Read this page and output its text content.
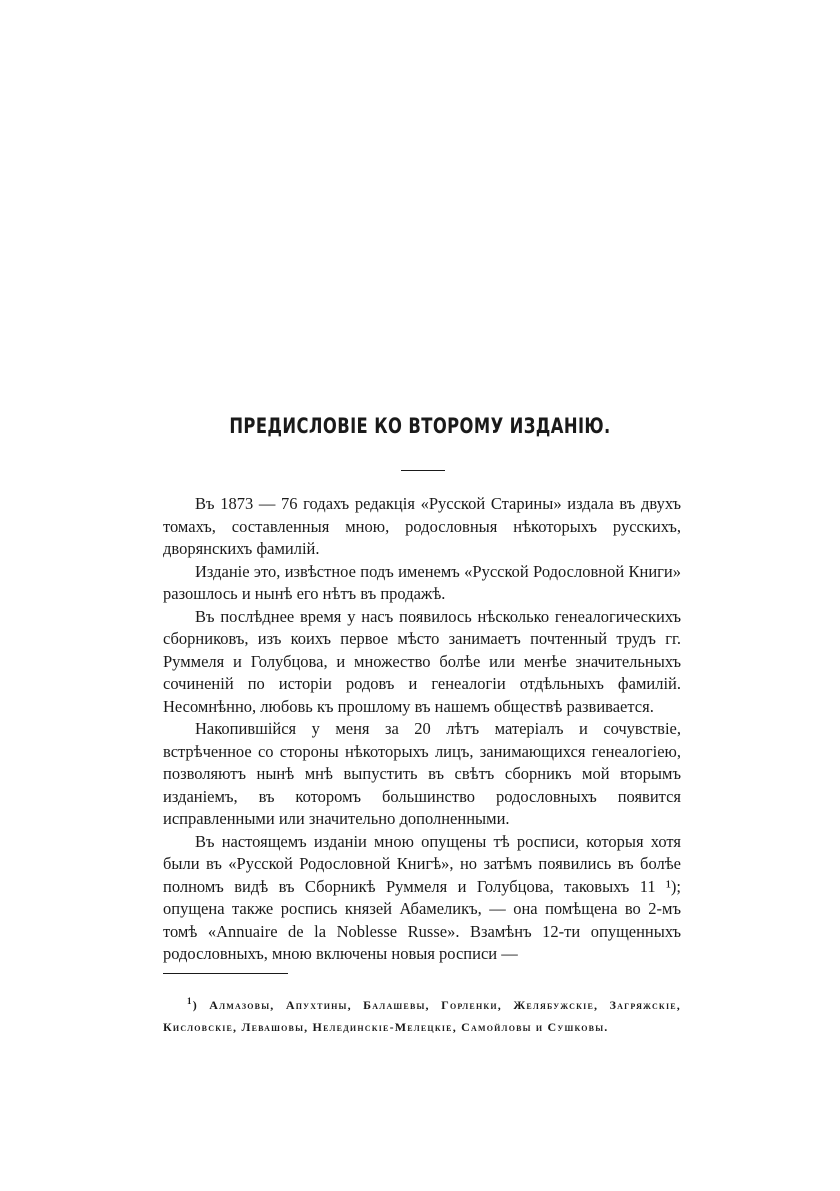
ПРЕДИСЛОВІЕ КО ВТОРОМУ ИЗДАНІЮ.

Въ 1873 — 76 годахъ редакція «Русской Старины» издала въ двухъ томахъ, составленныя мною, родословныя нѣкоторыхъ русскихъ, дворянскихъ фамилій.

Изданіе это, извѣстное подъ именемъ «Русской Родословной Книги» разошлось и нынѣ его нѣтъ въ продажѣ.

Въ послѣднее время у насъ появилось нѣсколько генеалогическихъ сборниковъ, изъ коихъ первое мѣсто занимаетъ почтенный трудъ гг. Руммеля и Голубцова, и множество болѣе или менѣе значительныхъ сочиненій по исторіи родовъ и генеалогіи отдѣльныхъ фамилій. Несомнѣнно, любовь къ прошлому въ нашемъ обществѣ развивается.

Накопившійся у меня за 20 лѣтъ матеріалъ и сочувствіе, встрѣченное со стороны нѣкоторыхъ лицъ, занимающихся генеалогіею, позволяютъ нынѣ мнѣ выпустить въ свѣтъ сборникъ мой вторымъ изданіемъ, въ которомъ большинство родословныхъ появится исправленными или значительно дополненными.

Въ настоящемъ изданіи мною опущены тѣ росписи, которыя хотя были въ «Русской Родословной Книгѣ», но затѣмъ появились въ болѣе полномъ видѣ въ Сборникѣ Руммеля и Голубцова, таковыхъ 11 ¹); опущена также роспись князей Абамеликъ, — она помѣщена во 2-мъ томѣ «Annuaire de la Noblesse Russe». Взамѣнъ 12-ти опущенныхъ родословныхъ, мною включены новыя росписи —

$^1$) Алмазовы, Апухтины, Балашевы, Горленки, Желябужскіе, Загряжскіе, Кисловскіе, Левашовы, Нелединскіе-Мелецкіе, Самойловы и Сушковы.
